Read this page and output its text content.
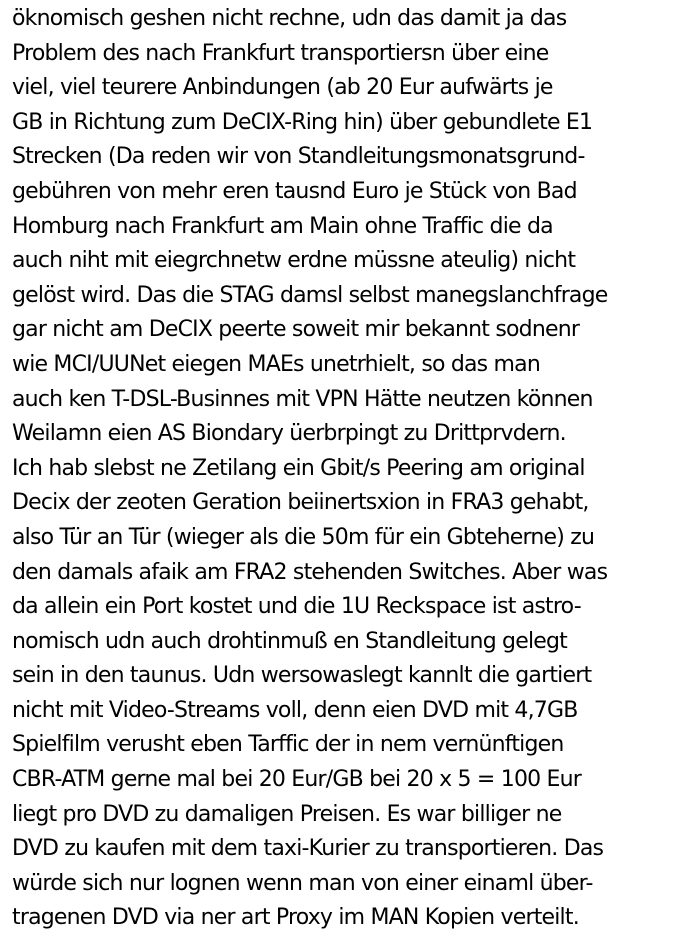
öknomisch geshen nicht rechne, udn das damit ja das
Problem des nach Frankfurt transportiersn über eine
viel, viel teurere Anbindungen (ab 20 Eur aufwärts je
GB in Richtung zum DeCIX-Ring hin) über gebundlete E1
Strecken (Da reden wir von Standleitungsmonatsgrund-
gebühren von mehr eren tausnd Euro je Stück von Bad
Homburg nach Frankfurt am Main ohne Traffic die da
auch niht mit eiegrchnetw erdne müssne ateulig) nicht
gelöst wird. Das die STAG damsl selbst manegslanchfrage
gar nicht am DeCIX peerte soweit mir bekannt sodnenr
wie MCI/UUNet eiegen MAEs unetrhielt, so das man
auch ken T-DSL-Businnes mit VPN Hätte neutzen können
Weilamn eien AS Biondary üerbrpingt zu Drittprvdern.
Ich hab slebst ne Zetilang ein Gbit/s Peering am original
Decix der zeoten Geration beiinertsxion in FRA3 gehabt,
also Tür an Tür (wieger als die 50m für ein Gbteherne) zu
den damals afaik am FRA2 stehenden Switches. Aber was
da allein ein Port kostet und die 1U Reckspace ist astro-
nomisch udn auch drohtinmuß en Standleitung gelegt
sein in den taunus. Udn wersowaslegt kannlt die gartiert
nicht mit Video-Streams voll, denn eien DVD mit 4,7GB
Spielfilm verusht eben Tarffic der in nem vernünftigen
CBR-ATM gerne mal bei 20 Eur/GB bei 20 x 5 = 100 Eur
liegt pro DVD zu damaligen Preisen. Es war billiger ne
DVD zu kaufen mit dem taxi-Kurier zu transportieren. Das
würde sich nur lognen wenn man von einer einaml über-
tragenen DVD via ner art Proxy im MAN Kopien verteilt.
